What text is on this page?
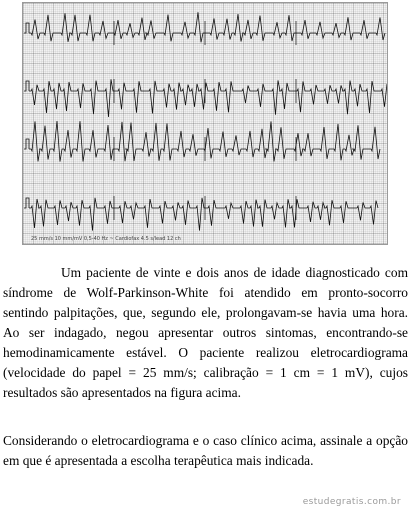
25 mm/s 10 mm/mV 0,5-40 Hz ~ Cardiofax 4.5 s/lead 12 ch

Um paciente de vinte e dois anos de idade diagnosticado com síndrome de Wolf-Parkinson-White foi atendido em pronto-socorro sentindo palpitações, que, segundo ele, prolongavam-se havia uma hora. Ao ser indagado, negou apresentar outros sintomas, encontrando-se hemodinamicamente estável. O paciente realizou eletrocardiograma (velocidade do papel = 25 mm/s; calibração = 1 cm = 1 mV), cujos resultados são apresentados na figura acima.

Considerando o eletrocardiograma e o caso clínico acima, assinale a opção em que é apresentada a escolha terapêutica mais indicada.

estudegratis.com.br
